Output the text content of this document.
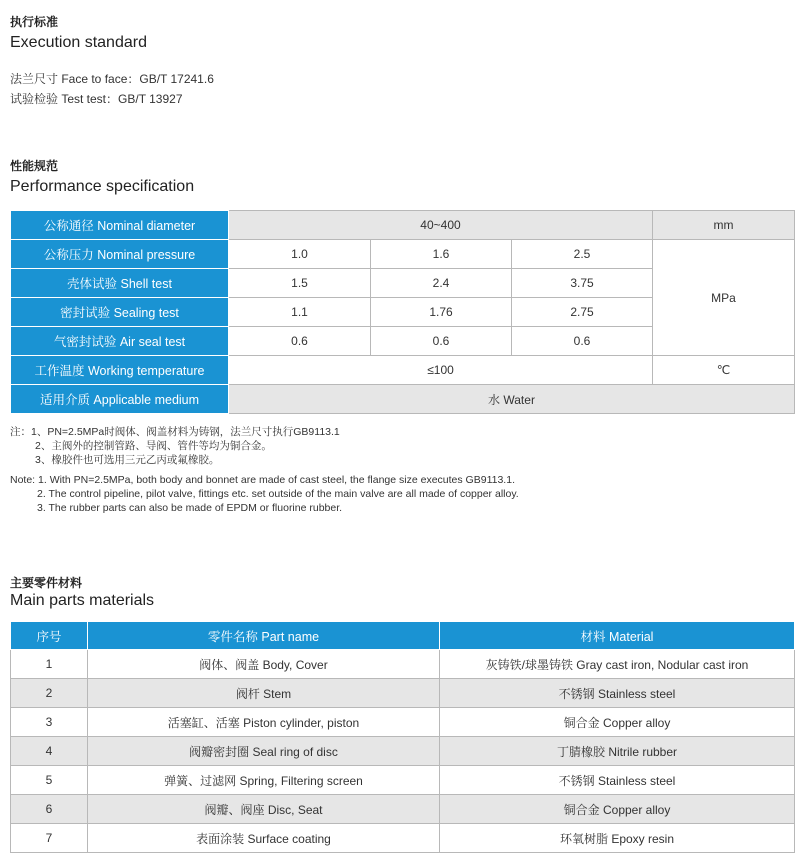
执行标准
Execution standard
法兰尺寸 Face to face：GB/T 17241.6
试验检验 Test test：GB/T 13927
性能规范
Performance specification
公称通径 Nominal diameter	40~400			mm
公称压力 Nominal pressure	1.0	1.6	2.5	MPa
壳体试验 Shell test	1.5	2.4	3.75	
密封试验 Sealing test	1.1	1.76	2.75	
气密封试验 Air seal test	0.6	0.6	0.6	
工作温度 Working temperature	≤100			℃
适用介质 Applicable medium	水 Water			
注：1、PN=2.5MPa时阀体、阀盖材料为铸钢，法兰尺寸执行GB9113.1
2、主阀外的控制管路、导阀、管件等均为铜合金。
3、橡胶件也可选用三元乙丙或氟橡胶。
Note: 1. With PN=2.5MPa, both body and bonnet are made of cast steel, the flange size executes GB9113.1.
2. The control pipeline, pilot valve, fittings etc. set outside of the main valve are all made of copper alloy.
3. The rubber parts can also be made of EPDM or fluorine rubber.
主要零件材料
Main parts materials
序号	零件名称 Part name	材料 Material
1	阀体、阀盖 Body, Cover	灰铸铁/球墨铸铁 Gray cast iron, Nodular cast iron
2	阀杆 Stem	不锈钢 Stainless steel
3	活塞缸、活塞 Piston cylinder, piston	铜合金 Copper alloy
4	阀瓣密封圈 Seal ring of disc	丁腈橡胶 Nitrile rubber
5	弹簧、过滤网 Spring, Filtering screen	不锈钢 Stainless steel
6	阀瓣、阀座 Disc, Seat	铜合金 Copper alloy
7	表面涂装 Surface coating	环氧树脂 Epoxy resin
